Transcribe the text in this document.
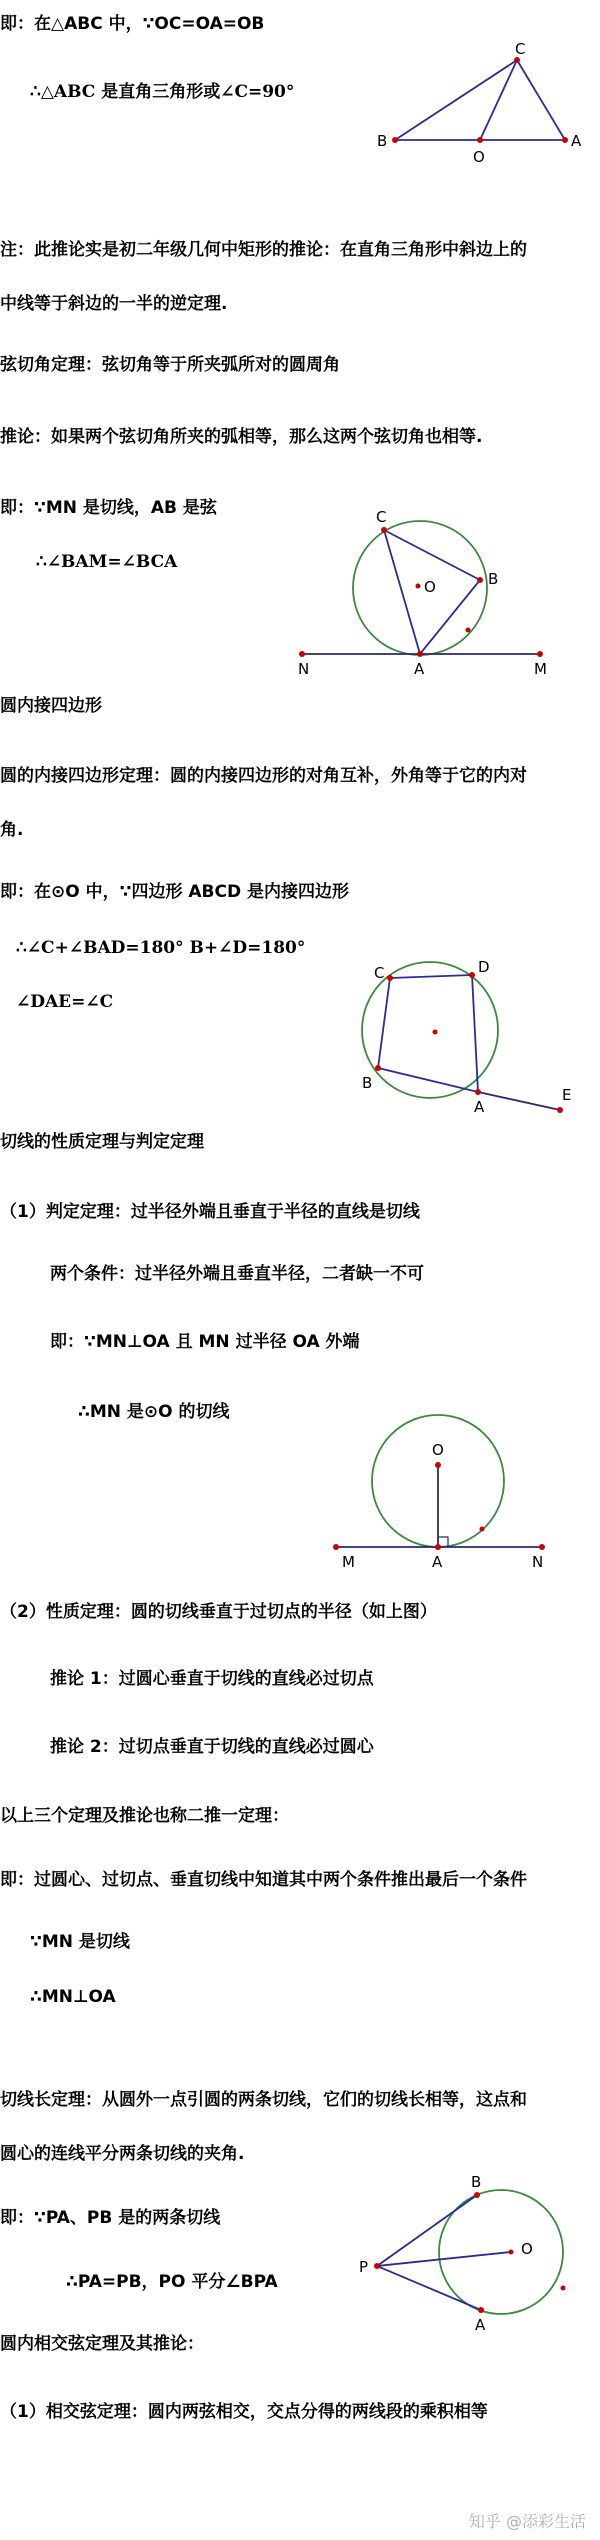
即：在△ABC 中，∵OC=OA=OB
∴△ABC 是直角三角形或∠C=90°
注：此推论实是初二年级几何中矩形的推论：在直角三角形中斜边上的
中线等于斜边的一半的逆定理.
弦切角定理：弦切角等于所夹弧所对的圆周角
推论：如果两个弦切角所夹的弧相等，那么这两个弦切角也相等.
即：∵MN 是切线，AB 是弦
∴∠BAM=∠BCA
圆内接四边形
圆的内接四边形定理：圆的内接四边形的对角互补，外角等于它的内对
角.
即：在⊙O 中，∵四边形 ABCD 是内接四边形
∴∠C+∠BAD=180° B+∠D=180°
∠DAE=∠C
切线的性质定理与判定定理
（1）判定定理：过半径外端且垂直于半径的直线是切线
两个条件：过半径外端且垂直半径，二者缺一不可
即：∵MN⊥OA 且 MN 过半径 OA 外端
∴MN 是⊙O 的切线
（2）性质定理：圆的切线垂直于过切点的半径（如上图）
推论 1：过圆心垂直于切线的直线必过切点
推论 2：过切点垂直于切线的直线必过圆心
以上三个定理及推论也称二推一定理：
即：过圆心、过切点、垂直切线中知道其中两个条件推出最后一个条件
∵MN 是切线
∴MN⊥OA
切线长定理：从圆外一点引圆的两条切线，它们的切线长相等，这点和
圆心的连线平分两条切线的夹角.
即：∵PA、PB 是的两条切线
∴PA=PB，PO 平分∠BPA
圆内相交弦定理及其推论：
（1）相交弦定理：圆内两弦相交，交点分得的两线段的乘积相等
C
B
O
A
C
O	B
N	A	M
C	D
B
A
E
O
M	A	N
B
P
O
A
知乎 @添彩生活
